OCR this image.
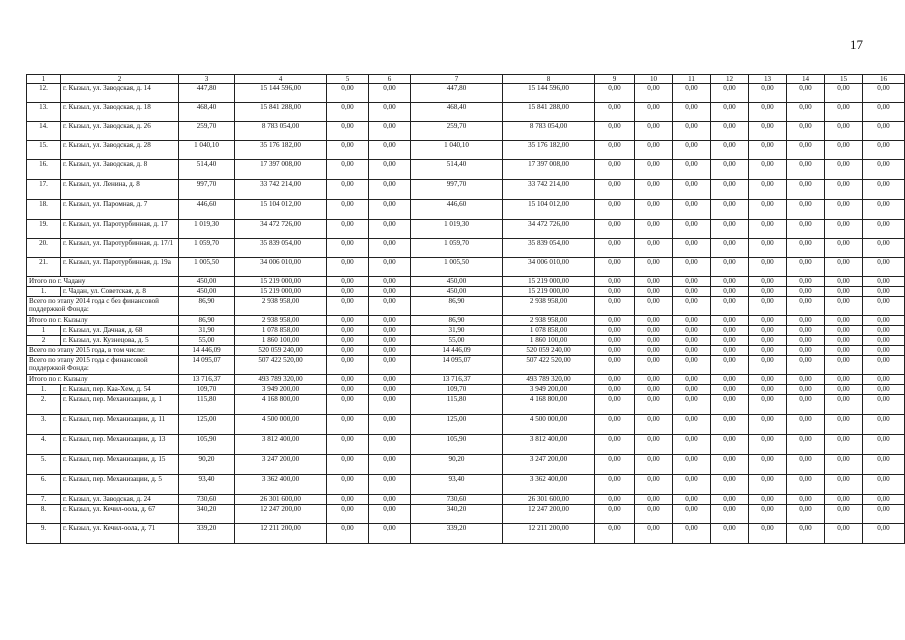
17
1	2	3	4	5	6	7	8	9	10	11	12	13	14	15	16
12.	г. Кызыл, ул. Заводская, д. 14	447,80	15 144 596,00	0,00	0,00	447,80	15 144 596,00	0,00	0,00	0,00	0,00	0,00	0,00	0,00	0,00
13.	г. Кызыл, ул. Заводская, д. 18	468,40	15 841 288,00	0,00	0,00	468,40	15 841 288,00	0,00	0,00	0,00	0,00	0,00	0,00	0,00	0,00
14.	г. Кызыл, ул. Заводская, д. 26	259,70	8 783 054,00	0,00	0,00	259,70	8 783 054,00	0,00	0,00	0,00	0,00	0,00	0,00	0,00	0,00
15.	г. Кызыл, ул. Заводская, д. 28	1 040,10	35 176 182,00	0,00	0,00	1 040,10	35 176 182,00	0,00	0,00	0,00	0,00	0,00	0,00	0,00	0,00
16.	г. Кызыл, ул. Заводская, д. 8	514,40	17 397 008,00	0,00	0,00	514,40	17 397 008,00	0,00	0,00	0,00	0,00	0,00	0,00	0,00	0,00
17.	г. Кызыл, ул. Ленина, д. 8	997,70	33 742 214,00	0,00	0,00	997,70	33 742 214,00	0,00	0,00	0,00	0,00	0,00	0,00	0,00	0,00
18.	г. Кызыл, ул. Паромная, д. 7	446,60	15 104 012,00	0,00	0,00	446,60	15 104 012,00	0,00	0,00	0,00	0,00	0,00	0,00	0,00	0,00
19.	г. Кызыл, ул. Паротурбинная, д. 17	1 019,30	34 472 726,00	0,00	0,00	1 019,30	34 472 726,00	0,00	0,00	0,00	0,00	0,00	0,00	0,00	0,00
20.	г. Кызыл, ул. Паротурбинная, д. 17/1	1 059,70	35 839 054,00	0,00	0,00	1 059,70	35 839 054,00	0,00	0,00	0,00	0,00	0,00	0,00	0,00	0,00
21.	г. Кызыл, ул. Паротурбинная, д. 19а	1 005,50	34 006 010,00	0,00	0,00	1 005,50	34 006 010,00	0,00	0,00	0,00	0,00	0,00	0,00	0,00	0,00
Итого по г. Чадану		450,00	15 219 000,00	0,00	0,00	450,00	15 219 000,00	0,00	0,00	0,00	0,00	0,00	0,00	0,00	0,00
1.	г. Чадан, ул. Советская, д. 8	450,00	15 219 000,00	0,00	0,00	450,00	15 219 000,00	0,00	0,00	0,00	0,00	0,00	0,00	0,00	0,00
Всего по этапу 2014 года с без финансовой поддержкой Фонда:		86,90	2 938 958,00	0,00	0,00	86,90	2 938 958,00	0,00	0,00	0,00	0,00	0,00	0,00	0,00	0,00
Итого по г. Кызылу		86,90	2 938 958,00	0,00	0,00	86,90	2 938 958,00	0,00	0,00	0,00	0,00	0,00	0,00	0,00	0,00
1	г. Кызыл, ул. Дачная, д. 68	31,90	1 078 858,00	0,00	0,00	31,90	1 078 858,00	0,00	0,00	0,00	0,00	0,00	0,00	0,00	0,00
2	г. Кызыл, ул. Кузнецова, д. 5	55,00	1 860 100,00	0,00	0,00	55,00	1 860 100,00	0,00	0,00	0,00	0,00	0,00	0,00	0,00	0,00
Всего по этапу 2015 года, в том числе:		14 446,09	520 059 240,00	0,00	0,00	14 446,09	520 059 240,00	0,00	0,00	0,00	0,00	0,00	0,00	0,00	0,00
Всего по этапу 2015 года с финансовой поддержкой Фонда:		14 095,07	507 422 520,00	0,00	0,00	14 095,07	507 422 520,00	0,00	0,00	0,00	0,00	0,00	0,00	0,00	0,00
Итого по г. Кызылу		13 716,37	493 789 320,00	0,00	0,00	13 716,37	493 789 320,00	0,00	0,00	0,00	0,00	0,00	0,00	0,00	0,00
1.	г. Кызыл, пер. Каа-Хем, д. 54	109,70	3 949 200,00	0,00	0,00	109,70	3 949 200,00	0,00	0,00	0,00	0,00	0,00	0,00	0,00	0,00
2.	г. Кызыл, пер. Механизации, д. 1	115,80	4 168 800,00	0,00	0,00	115,80	4 168 800,00	0,00	0,00	0,00	0,00	0,00	0,00	0,00	0,00
3.	г. Кызыл, пер. Механизации, д. 11	125,00	4 500 000,00	0,00	0,00	125,00	4 500 000,00	0,00	0,00	0,00	0,00	0,00	0,00	0,00	0,00
4.	г. Кызыл, пер. Механизации, д. 13	105,90	3 812 400,00	0,00	0,00	105,90	3 812 400,00	0,00	0,00	0,00	0,00	0,00	0,00	0,00	0,00
5.	г. Кызыл, пер. Механизации, д. 15	90,20	3 247 200,00	0,00	0,00	90,20	3 247 200,00	0,00	0,00	0,00	0,00	0,00	0,00	0,00	0,00
6.	г. Кызыл, пер. Механизации, д. 5	93,40	3 362 400,00	0,00	0,00	93,40	3 362 400,00	0,00	0,00	0,00	0,00	0,00	0,00	0,00	0,00
7.	г. Кызыл, ул. Заводская, д. 24	730,60	26 301 600,00	0,00	0,00	730,60	26 301 600,00	0,00	0,00	0,00	0,00	0,00	0,00	0,00	0,00
8.	г. Кызыл, ул. Кечил-оола, д. 67	340,20	12 247 200,00	0,00	0,00	340,20	12 247 200,00	0,00	0,00	0,00	0,00	0,00	0,00	0,00	0,00
9.	г. Кызыл, ул. Кечил-оола, д. 71	339,20	12 211 200,00	0,00	0,00	339,20	12 211 200,00	0,00	0,00	0,00	0,00	0,00	0,00	0,00	0,00
